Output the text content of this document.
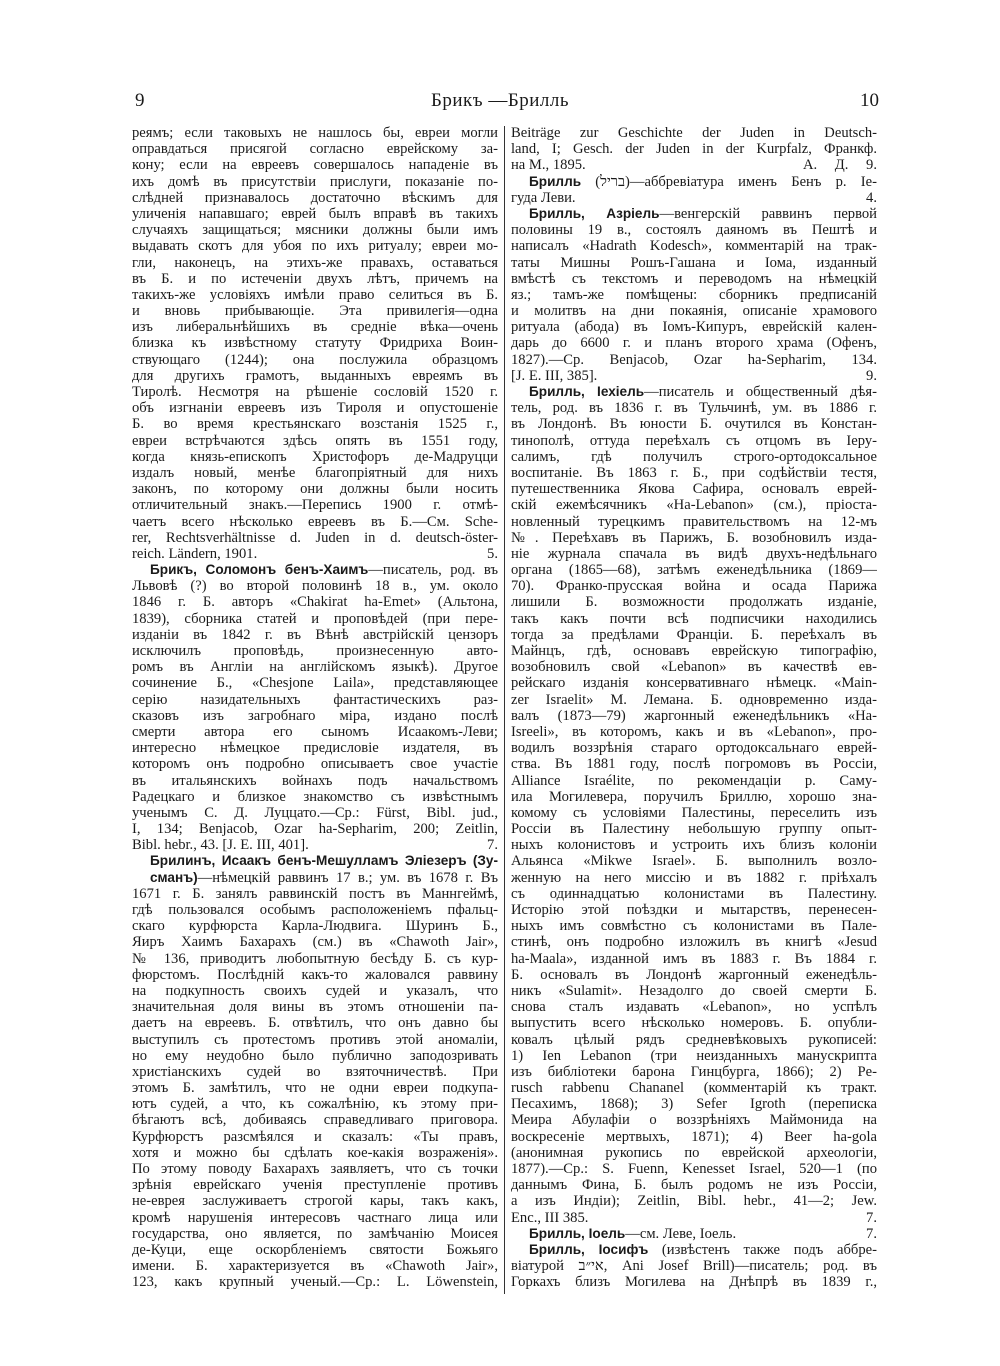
9	Брикъ —Брилль	10
реямъ; если таковыхъ не нашлось бы, евреи могли
оправдаться присягой согласно еврейскому за-
кону; если на евреевъ совершалось нападеніе въ
ихъ домѣ въ присутствіи прислуги, показаніе по-
слѣдней признавалось достаточно вѣскимъ для
уличенія напавшаго; еврей былъ вправѣ въ такихъ
случаяхъ защищаться; мясники должны были имъ
выдавать скотъ для убоя по ихъ ритуалу; евреи мо-
гли, наконецъ, на этихъ-же правахъ, оставаться
въ Б. и по истеченіи двухъ лѣтъ, причемъ на
такихъ-же условіяхъ имѣли право селиться въ Б.
и вновь прибывающіе. Эта привилегія—одна
изъ либеральнѣйшихъ въ средніе вѣка—очень
близка къ извѣстному статуту Фридриха Воин-
ствующаго (1244); она послужила образцомъ
для другихъ грамотъ, выданныхъ евреямъ въ
Тиролѣ. Несмотря на рѣшеніе сословій 1520 г.
объ изгнаніи евреевъ изъ Тироля и опустошеніе
Б. во время крестьянскаго возстанія 1525 г.,
евреи встрѣчаются здѣсь опять въ 1551 году,
когда князь-епископъ Христофоръ де-Мадруцци
издалъ новый, менѣе благопріятный для нихъ
законъ, по которому они должны были носить
отличительный знакъ.—Перепись 1900 г. отмѣ-
чаетъ всего нѣсколько евреевъ въ Б.—См. Sche-
rer, Rechtsverhältnisse d. Juden in d. deutsch-öster-
reich. Ländern, 1901.	5.
Брикъ, Соломонъ бенъ-Хаимъ—писатель, род. въ
Львовѣ (?) во второй половинѣ 18 в., ум. около
1846 г. Б. авторъ «Chakirat ha-Emet» (Альтона,
1839), сборника статей и проповѣдей (при пере-
изданіи въ 1842 г. въ Вѣнѣ австрійскій цензоръ
исключилъ проповѣдь, произнесенную авто-
ромъ въ Англіи на англійскомъ языкѣ). Другое
сочинение Б., «Chesjone Laila», представляющее
серію назидательныхъ фантастическихъ раз-
сказовъ изъ загробнаго міра, издано послѣ
смерти автора его сыномъ Исаакомъ-Леви;
интересно нѣмецкое предисловіе издателя, въ
которомъ онъ подробно описываетъ свое участіе
въ итальянскихъ войнахъ подъ начальствомъ
Радецкаго и близкое знакомство съ извѣстнымъ
ученымъ С. Д. Луццато.—Ср.: Fürst, Bibl. jud.,
I, 134; Benjacob, Ozar ha-Sepharim, 200; Zeitlin,
Bibl. hebr., 43. [J. E. III, 401].	7.
Брилинъ, Исаакъ бенъ-Мешулламъ Эліезеръ (Зу-
сманъ)—нѣмецкій раввинъ 17 в.; ум. въ 1678 г. Въ
1671 г. Б. занялъ раввинскій постъ въ Маннгеймѣ,
гдѣ пользовался особымъ расположеніемъ пфальц-
скаго курфюрста Карла-Людвига. Шуринъ Б.,
Яиръ Хаимъ Бахарахъ (см.) въ «Chawoth Jair»,
№ 136, приводитъ любопытную бесѣду Б. съ кур-
фюрстомъ. Послѣдній какъ-то жаловался раввину
на подкупность своихъ судей и указалъ, что
значительная доля вины въ этомъ отношеніи па-
даетъ на евреевъ. Б. отвѣтилъ, что онъ давно бы
выступилъ съ протестомъ противъ этой аномаліи,
но ему неудобно было публично заподозривать
христіанскихъ судей во взяточничествѣ. При
этомъ Б. замѣтилъ, что не одни евреи подкупа-
ютъ судей, а что, къ сожалѣнію, къ этому при-
бѣгаютъ всѣ, добиваясь справедливаго приговора.
Курфюрстъ разсмѣялся и сказалъ: «Ты правъ,
хотя и можно бы сдѣлать кое-какія возраженія».
По этому поводу Бахарахъ заявляетъ, что съ точки
зрѣнія еврейскаго ученія преступленіе противъ
не-еврея заслуживаетъ строгой кары, такъ какъ,
кромѣ нарушенія интересовъ частнаго лица или
государства, оно является, по замѣчанію Моисея
де-Куци, еще оскорбленіемъ святости Божьяго
имени. Б. характеризуется въ «Chawoth Jair»,
123, какъ крупный ученый.—Ср.: L. Löwenstein,
Beiträge zur Geschichte der Juden in Deutsch-
land, I; Gesch. der Juden in der Kurpfalz, Франкф.
на М., 1895.	А. Д. 9.
Брилль (בריל)—аббревіатура именъ Бенъ р. Іе-
гуда Леви.	4.
Брилль, Азріель—венгерскій раввинъ первой
половины 19 в., состоялъ даяномъ въ Пештѣ и
написалъ «Hadrath Kodesch», комментарій на трак-
таты Мишны Рошъ-Гашана и Іома, изданный
вмѣстѣ съ текстомъ и переводомъ на нѣмецкій
яз.; тамъ-же помѣщены: сборникъ предписаній
и молитвъ на дни покаянія, описаніе храмового
ритуала (абода) въ Іомъ-Кипуръ, еврейскій кален-
дарь до 6600 г. и планъ второго храма (Офенъ,
1827).—Ср. Benjacob, Ozar ha-Sepharim, 134.
[J. E. III, 385].	9.
Брилль, Іехіель—писатель и общественный дѣя-
тель, род. въ 1836 г. въ Тульчинѣ, ум. въ 1886 г.
въ Лондонѣ. Въ юности Б. очутился въ Констан-
тинополѣ, оттуда переѣхалъ съ отцомъ въ Іеру-
салимъ, гдѣ получилъ строго-ортодоксальное
воспитаніе. Въ 1863 г. Б., при содѣйствіи тестя,
путешественника Якова Сафира, основалъ еврей-
скій ежемѣсячникъ «Ha-Lebanon» (см.), пріоста-
новленный турецкимъ правительствомъ на 12-мъ
№. Переѣхавъ въ Парижъ, Б. возобновилъ изда-
ніе журнала спачала въ видѣ двухъ-недѣльнаго
органа (1865—68), затѣмъ еженедѣльника (1869—
70). Франко-прусская война и осада Парижа
лишили Б. возможности продолжать изданіе,
такъ какъ почти всѣ подписчики находились
тогда за предѣлами Франціи. Б. переѣхалъ въ
Майнцъ, гдѣ, основавъ еврейскую типографію,
возобновилъ свой «Lebanon» въ качествѣ ев-
рейскаго изданія консервативнаго нѣмецк. «Main-
zer Israelit» М. Лемана. Б. одновременно изда-
валъ (1873—79) жаргонный еженедѣльникъ «Ha-
Isreeli», въ которомъ, какъ и въ «Lebanon», про-
водилъ воззрѣнія стараго ортодоксальнаго еврей-
ства. Въ 1881 году, послѣ погромовъ въ Россіи,
Alliance Israélite, по рекомендаціи р. Саму-
ила Могилевера, поручилъ Бриллю, хорошо зна-
комому съ условіями Палестины, переселить изъ
Россіи въ Палестину небольшую группу опыт-
ныхъ колонистовъ и устроить ихъ близъ колоніи
Альянса «Mikwe Israel». Б. выполнилъ возло-
женную на него миссію и въ 1882 г. пріѣхалъ
съ одиннадцатью колонистами въ Палестину.
Исторію этой поѣздки и мытарствъ, перенесен-
ныхъ имъ совмѣстно съ колонистами въ Пале-
стинѣ, онъ подробно изложилъ въ книгѣ «Jesud
ha-Maala», изданной имъ въ 1883 г. Въ 1884 г.
Б. основалъ въ Лондонѣ жаргонный еженедѣль-
никъ «Sulamit». Незадолго до своей смерти Б.
снова сталъ издавать «Lebanon», но успѣлъ
выпустить всего нѣсколько номеровъ. Б. опубли-
ковалъ цѣлый рядъ средневѣковыхъ рукописей:
1) Ien Lebanon (три неизданныхъ манускрипта
изъ библіотеки барона Гинцбурга, 1866); 2) Pe-
rusch rabbenu Chananel (комментарій къ тракт.
Песахимъ, 1868); 3) Sefer Igroth (переписка
Меира Абулафіи о воззрѣніяхъ Маймонида на
воскресеніе мертвыхъ, 1871); 4) Beer ha-gola
(анонимная рукопись по еврейской археологіи,
1877).—Ср.: S. Fuenn, Kenesset Israel, 520—1 (по
даннымъ Фина, Б. былъ родомъ не изъ Россіи,
а изъ Индіи); Zeitlin, Bibl. hebr., 41—2; Jew.
Enc., III 385.	7.
Брилль, Іоель—см. Леве, Іоель.	7.
Брилль, Іосифъ (извѣстенъ также подъ аббре-
віатурой אי״ב, Ani Josef Brill)—писатель; род. въ
Горкахъ близъ Могилева на Днѣпрѣ въ 1839 г.,
